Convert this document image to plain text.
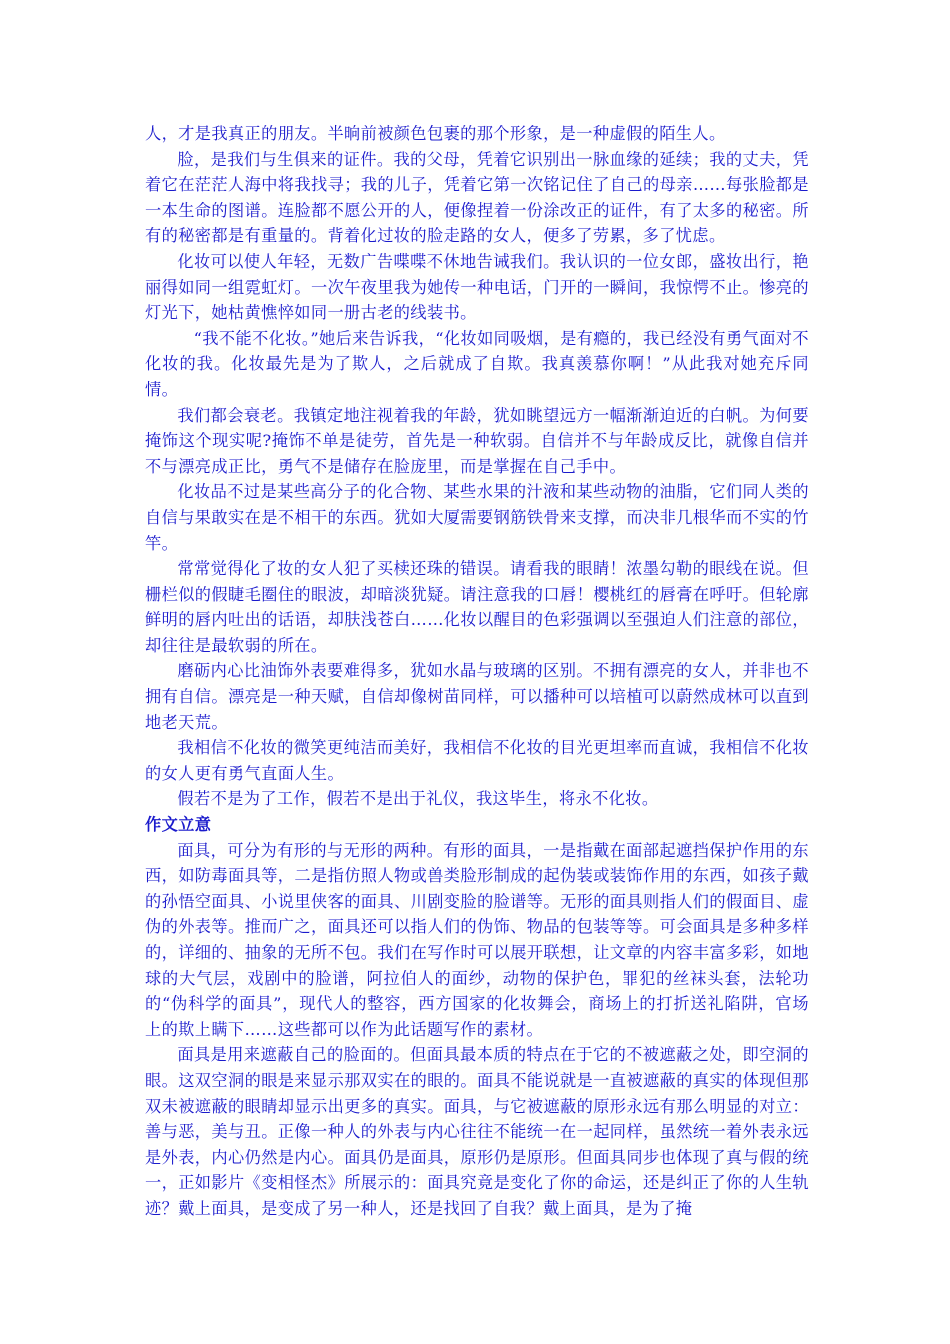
人，才是我真正的朋友。半晌前被颜色包裹的那个形象，是一种虚假的陌生人。

脸，是我们与生俱来的证件。我的父母，凭着它识别出一脉血缘的延续；我的丈夫，凭着它在茫茫人海中将我找寻；我的儿子，凭着它第一次铭记住了自己的母亲……每张脸都是一本生命的图谱。连脸都不愿公开的人，便像捏着一份涂改正的证件，有了太多的秘密。所有的秘密都是有重量的。背着化过妆的脸走路的女人，便多了劳累，多了忧虑。

化妆可以使人年轻，无数广告喋喋不休地告诫我们。我认识的一位女郎，盛妆出行，艳丽得如同一组霓虹灯。一次午夜里我为她传一种电话，门开的一瞬间，我惊愕不止。惨亮的灯光下，她枯黄憔悴如同一册古老的线装书。

“我不能不化妆。”她后来告诉我，“化妆如同吸烟，是有瘾的，我已经没有勇气面对不化妆的我。化妆最先是为了欺人，之后就成了自欺。我真羡慕你啊！”从此我对她充斥同情。

我们都会衰老。我镇定地注视着我的年龄，犹如眺望远方一幅渐渐迫近的白帆。为何要掩饰这个现实呢?掩饰不单是徒劳，首先是一种软弱。自信并不与年龄成反比，就像自信并不与漂亮成正比，勇气不是储存在脸庞里，而是掌握在自己手中。

化妆品不过是某些高分子的化合物、某些水果的汁液和某些动物的油脂，它们同人类的自信与果敢实在是不相干的东西。犹如大厦需要钢筋铁骨来支撑，而决非几根华而不实的竹竿。

常常觉得化了妆的女人犯了买椟还珠的错误。请看我的眼睛！浓墨勾勒的眼线在说。但栅栏似的假睫毛圈住的眼波，却暗淡犹疑。请注意我的口唇！樱桃红的唇膏在呼吁。但轮廓鲜明的唇内吐出的话语，却肤浅苍白……化妆以醒目的色彩强调以至强迫人们注意的部位，却往往是最软弱的所在。

磨砺内心比油饰外表要难得多，犹如水晶与玻璃的区别。不拥有漂亮的女人，并非也不拥有自信。漂亮是一种天赋，自信却像树苗同样，可以播种可以培植可以蔚然成林可以直到地老天荒。

我相信不化妆的微笑更纯洁而美好，我相信不化妆的目光更坦率而直诚，我相信不化妆的女人更有勇气直面人生。

假若不是为了工作，假若不是出于礼仪，我这毕生，将永不化妆。

作文立意

面具，可分为有形的与无形的两种。有形的面具，一是指戴在面部起遮挡保护作用的东西，如防毒面具等，二是指仿照人物或兽类脸形制成的起伪装或装饰作用的东西，如孩子戴的孙悟空面具、小说里侠客的面具、川剧变脸的脸谱等。无形的面具则指人们的假面目、虚伪的外表等。推而广之，面具还可以指人们的伪饰、物品的包装等等。可会面具是多种多样的，详细的、抽象的无所不包。我们在写作时可以展开联想，让文章的内容丰富多彩，如地球的大气层，戏剧中的脸谱，阿拉伯人的面纱，动物的保护色，罪犯的丝袜头套，法轮功的“伪科学的面具”，现代人的整容，西方国家的化妆舞会，商场上的打折送礼陷阱，官场上的欺上瞒下……这些都可以作为此话题写作的素材。

面具是用来遮蔽自己的脸面的。但面具最本质的特点在于它的不被遮蔽之处，即空洞的眼。这双空洞的眼是来显示那双实在的眼的。面具不能说就是一直被遮蔽的真实的体现但那双未被遮蔽的眼睛却显示出更多的真实。面具，与它被遮蔽的原形永远有那么明显的对立：善与恶，美与丑。正像一种人的外表与内心往往不能统一在一起同样，虽然统一着外表永远是外表，内心仍然是内心。面具仍是面具，原形仍是原形。但面具同步也体现了真与假的统一，正如影片《变相怪杰》所展示的：面具究竟是变化了你的命运，还是纠正了你的人生轨迹？戴上面具，是变成了另一种人，还是找回了自我？戴上面具，是为了掩
